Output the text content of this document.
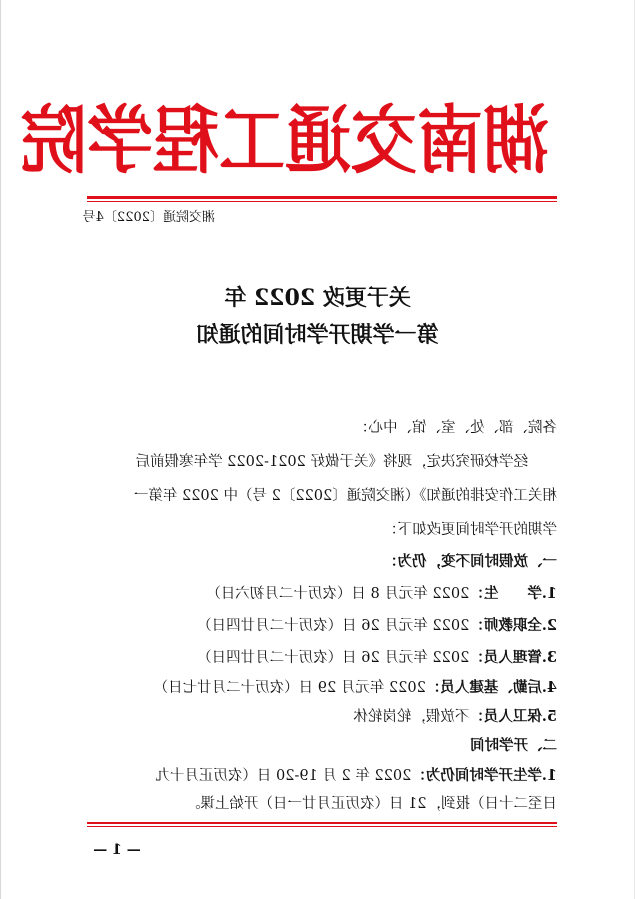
湖南交通工程学院
湘交院通〔2022〕4号
关于更改 2022 年
第一学期开学时间的通知
各院、部、处、室、馆、中心：
经学校研究决定，现将《关于做好 2021-2022 学年寒假前后
相关工作安排的通知》（湘交院通〔2022〕2 号）中 2022 年第一
学期的开学时间更改如下：
一、放假时间不变，仍为：
1.学　　生：2022 年元月 8 日（农历十二月初六日）
2.全职教师：2022 年元月 26 日（农历十二月廿四日）
3.管理人员：2022 年元月 26 日（农历十二月廿四日）
4.后勤、基建人员：2022 年元月 29 日（农历十二月廿七日）
5.保卫人员：不放假，轮岗轮休
二、开学时间
1.学生开学时间仍为：2022 年 2 月 19-20 日（农历正月十九
日至二十日）报到，21 日（农历正月廿一日）开始上课。
— 1 —
